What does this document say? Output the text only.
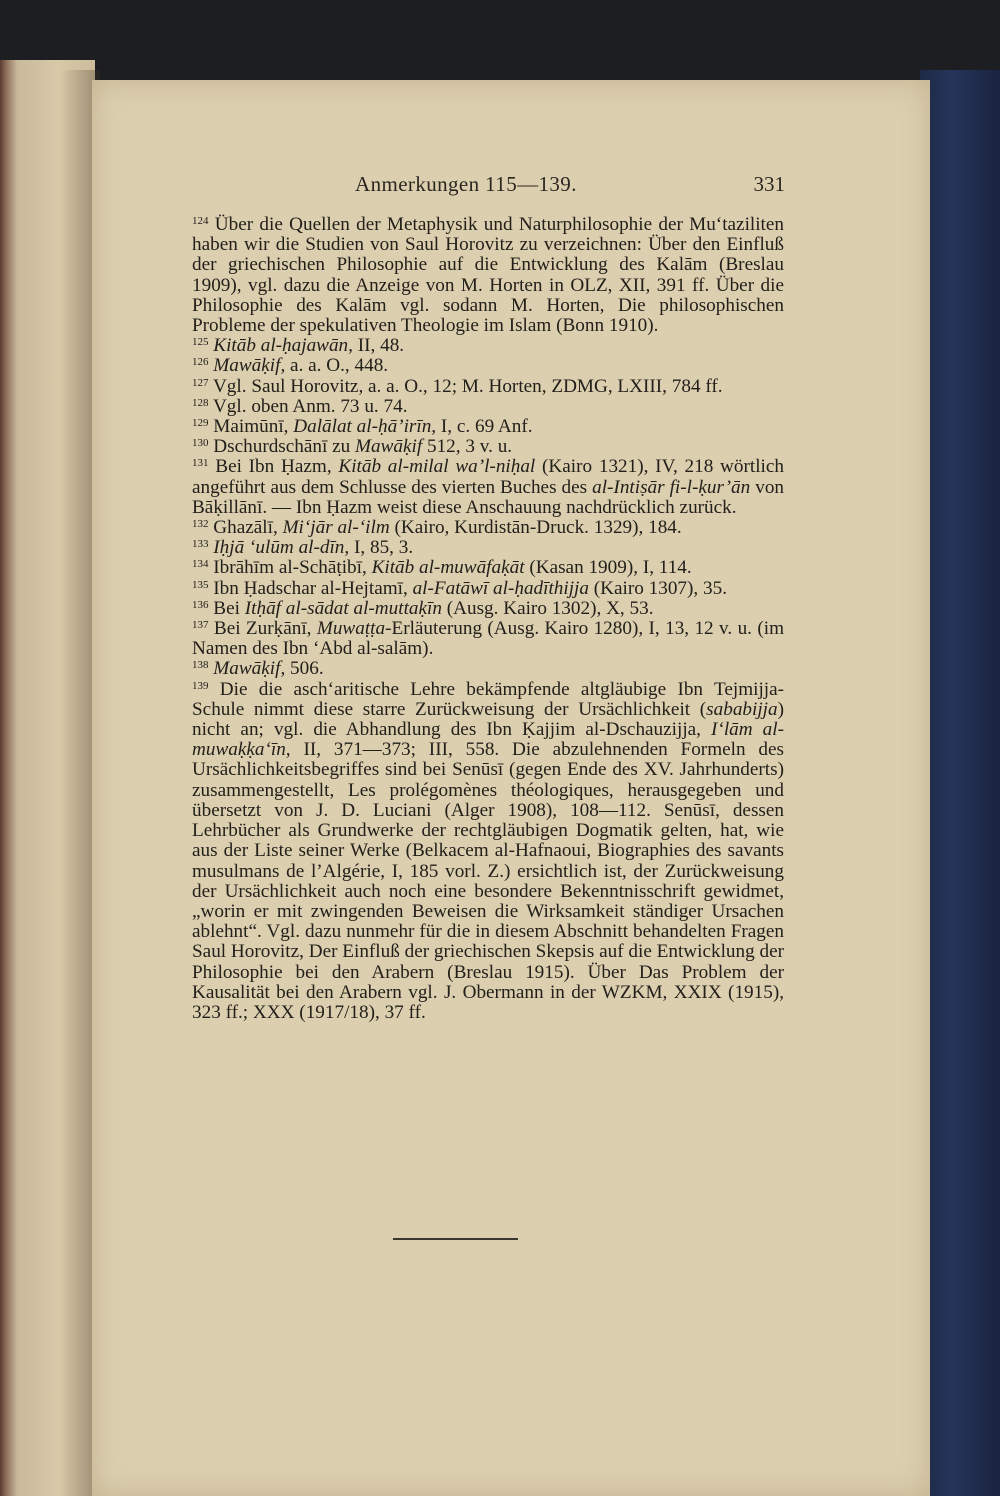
Anmerkungen 115—139.	331

$^{124}$ Über die Quellen der Metaphysik und Naturphilosophie der Mu‘taziliten haben wir die Studien von Saul Horovitz zu verzeichnen: Über den Einfluß der griechischen Philosophie auf die Entwicklung des Kalām (Breslau 1909), vgl. dazu die Anzeige von M. Horten in OLZ, XII, 391 ff. Über die Philosophie des Kalām vgl. sodann M. Horten, Die philosophischen Probleme der spekulativen Theologie im Islam (Bonn 1910).

$^{125}$ Kitāb al-ḥajawān, II, 48.

$^{126}$ Mawāḳif, a. a. O., 448.

$^{127}$ Vgl. Saul Horovitz, a. a. O., 12; M. Horten, ZDMG, LXIII, 784 ff.

$^{128}$ Vgl. oben Anm. 73 u. 74.

$^{129}$ Maimūnī, Dalālat al-ḥā’irīn, I, c. 69 Anf.

$^{130}$ Dschurdschānī zu Mawāḳif 512, 3 v. u.

$^{131}$ Bei Ibn Ḥazm, Kitāb al-milal wa’l-niḥal (Kairo 1321), IV, 218 wörtlich angeführt aus dem Schlusse des vierten Buches des al-Intiṣār fi-l-ḳur’ān von Bāḳillānī. — Ibn Ḥazm weist diese Anschauung nachdrücklich zurück.

$^{132}$ Ghazālī, Mi‘jār al-‘ilm (Kairo, Kurdistān-Druck. 1329), 184.

$^{133}$ Iḥjā ‘ulūm al-dīn, I, 85, 3.

$^{134}$ Ibrāhīm al-Schāṭibī, Kitāb al-muwāfaḳāt (Kasan 1909), I, 114.

$^{135}$ Ibn Ḥadschar al-Hejtamī, al-Fatāwī al-ḥadīthijja (Kairo 1307), 35.

$^{136}$ Bei Itḥāf al-sādat al-muttaḳīn (Ausg. Kairo 1302), X, 53.

$^{137}$ Bei Zurḳānī, Muwaṭṭa-Erläuterung (Ausg. Kairo 1280), I, 13, 12 v. u. (im Namen des Ibn ‘Abd al-salām).

$^{138}$ Mawāḳif, 506.

$^{139}$ Die die asch‘aritische Lehre bekämpfende altgläubige Ibn Tejmijja-Schule nimmt diese starre Zurückweisung der Ursächlichkeit (sababijja) nicht an; vgl. die Abhandlung des Ibn Ḳajjim al-Dschauzijja, I‘lām al-muwaḳḳa‘īn, II, 371—373; III, 558. Die abzulehnenden Formeln des Ursächlichkeitsbegriffes sind bei Senūsī (gegen Ende des XV. Jahrhunderts) zusammengestellt, Les prolégomènes théologiques, herausgegeben und übersetzt von J. D. Luciani (Alger 1908), 108—112. Senūsī, dessen Lehrbücher als Grundwerke der rechtgläubigen Dogmatik gelten, hat, wie aus der Liste seiner Werke (Belkacem al-Hafnaoui, Biographies des savants musulmans de l’Algérie, I, 185 vorl. Z.) ersichtlich ist, der Zurückweisung der Ursächlichkeit auch noch eine besondere Bekenntnisschrift gewidmet, „worin er mit zwingenden Beweisen die Wirksamkeit ständiger Ursachen ablehnt“. Vgl. dazu nunmehr für die in diesem Abschnitt behandelten Fragen Saul Horovitz, Der Einfluß der griechischen Skepsis auf die Entwicklung der Philosophie bei den Arabern (Breslau 1915). Über Das Problem der Kausalität bei den Arabern vgl. J. Obermann in der WZKM, XXIX (1915), 323 ff.; XXX (1917/18), 37 ff.
